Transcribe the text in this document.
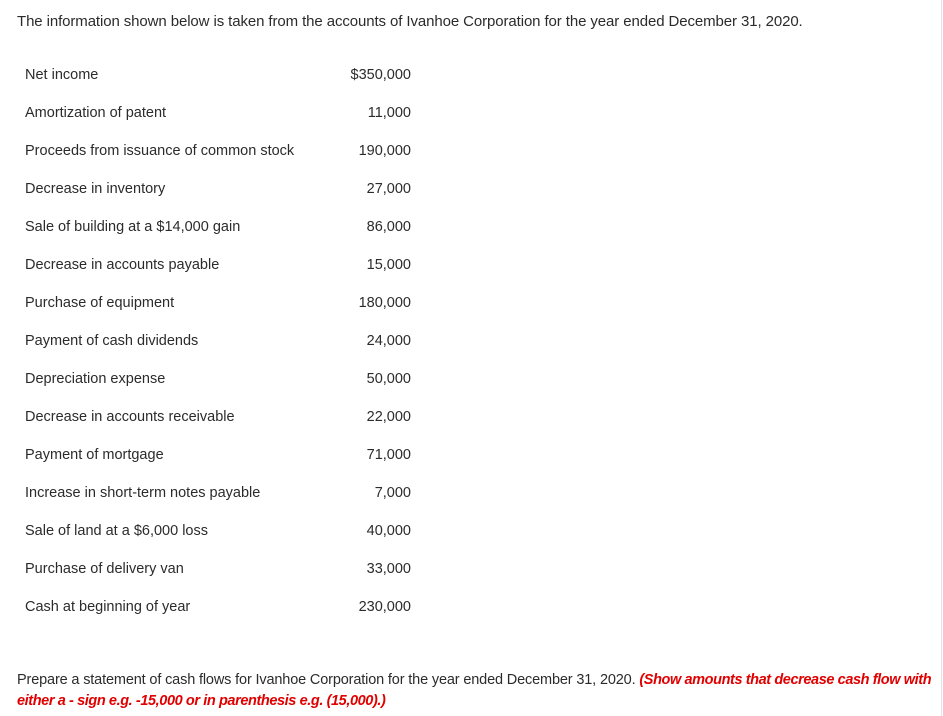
The information shown below is taken from the accounts of Ivanhoe Corporation for the year ended December 31, 2020.
Net income	$350,000
Amortization of patent	11,000
Proceeds from issuance of common stock	190,000
Decrease in inventory	27,000
Sale of building at a $14,000 gain	86,000
Decrease in accounts payable	15,000
Purchase of equipment	180,000
Payment of cash dividends	24,000
Depreciation expense	50,000
Decrease in accounts receivable	22,000
Payment of mortgage	71,000
Increase in short-term notes payable	7,000
Sale of land at a $6,000 loss	40,000
Purchase of delivery van	33,000
Cash at beginning of year	230,000
Prepare a statement of cash flows for Ivanhoe Corporation for the year ended December 31, 2020. (Show amounts that decrease cash flow with either a - sign e.g. -15,000 or in parenthesis e.g. (15,000).)
